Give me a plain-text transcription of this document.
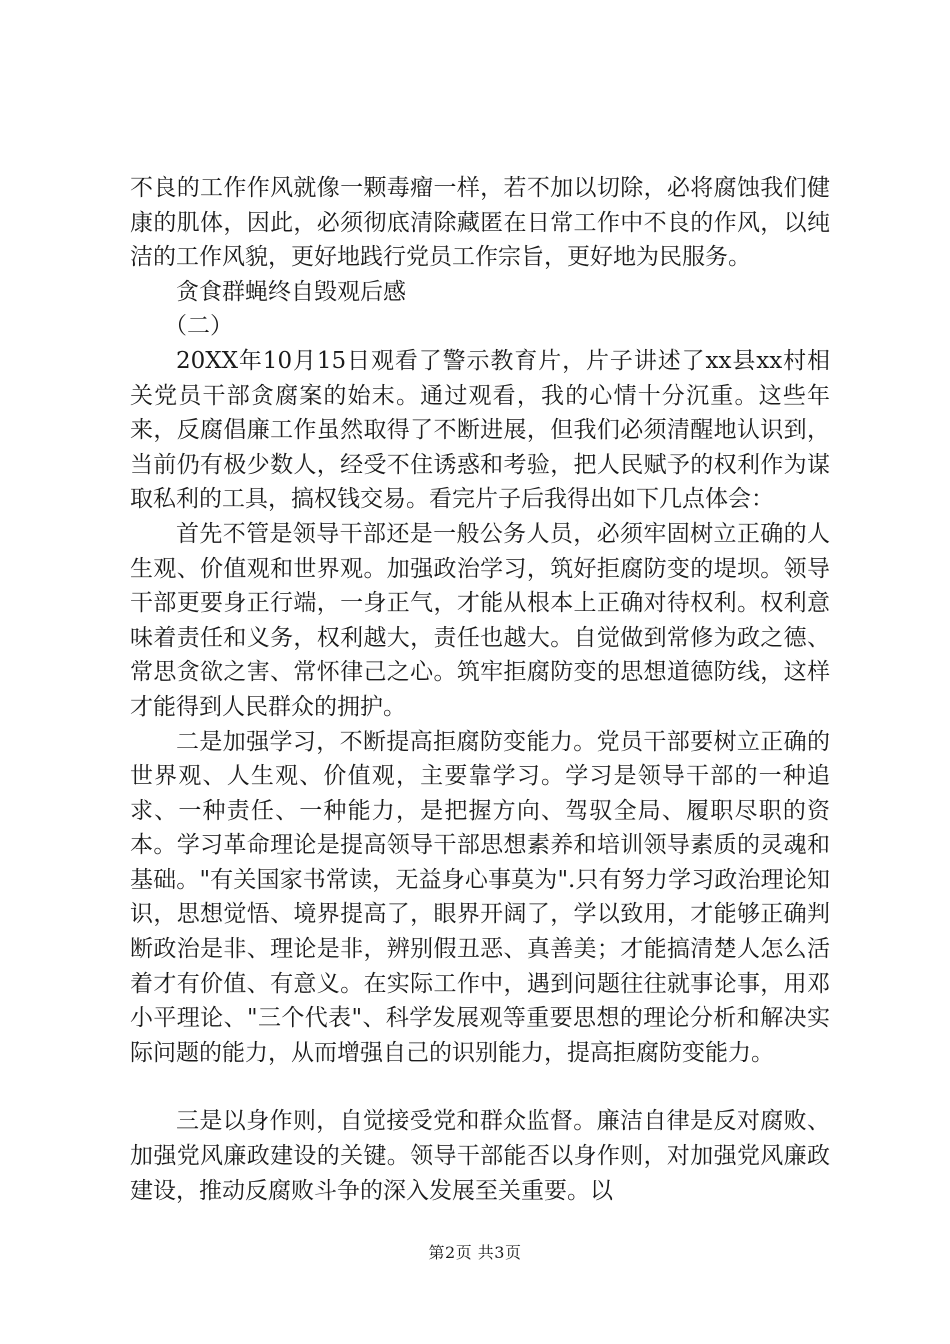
不良的工作作风就像一颗毒瘤一样，若不加以切除，必将腐蚀我们健康的肌体，因此，必须彻底清除藏匿在日常工作中不良的作风，以纯洁的工作风貌，更好地践行党员工作宗旨，更好地为民服务。

贪食群蝇终自毁观后感

（二）

20XX年10月15日观看了警示教育片，片子讲述了xx县xx村相关党员干部贪腐案的始末。通过观看，我的心情十分沉重。这些年来，反腐倡廉工作虽然取得了不断进展，但我们必须清醒地认识到，当前仍有极少数人，经受不住诱惑和考验，把人民赋予的权利作为谋取私利的工具，搞权钱交易。看完片子后我得出如下几点体会：

首先不管是领导干部还是一般公务人员，必须牢固树立正确的人生观、价值观和世界观。加强政治学习，筑好拒腐防变的堤坝。领导干部更要身正行端，一身正气，才能从根本上正确对待权利。权利意味着责任和义务，权利越大，责任也越大。自觉做到常修为政之德、常思贪欲之害、常怀律己之心。筑牢拒腐防变的思想道德防线，这样才能得到人民群众的拥护。

二是加强学习，不断提高拒腐防变能力。党员干部要树立正确的世界观、人生观、价值观，主要靠学习。学习是领导干部的一种追求、一种责任、一种能力，是把握方向、驾驭全局、履职尽职的资本。学习革命理论是提高领导干部思想素养和培训领导素质的灵魂和基础。"有关国家书常读，无益身心事莫为".只有努力学习政治理论知识，思想觉悟、境界提高了，眼界开阔了，学以致用，才能够正确判断政治是非、理论是非，辨别假丑恶、真善美；才能搞清楚人怎么活着才有价值、有意义。在实际工作中，遇到问题往往就事论事，用邓小平理论、"三个代表"、科学发展观等重要思想的理论分析和解决实际问题的能力，从而增强自己的识别能力，提高拒腐防变能力。

三是以身作则，自觉接受党和群众监督。廉洁自律是反对腐败、加强党风廉政建设的关键。领导干部能否以身作则，对加强党风廉政建设，推动反腐败斗争的深入发展至关重要。以

第2页 共3页
